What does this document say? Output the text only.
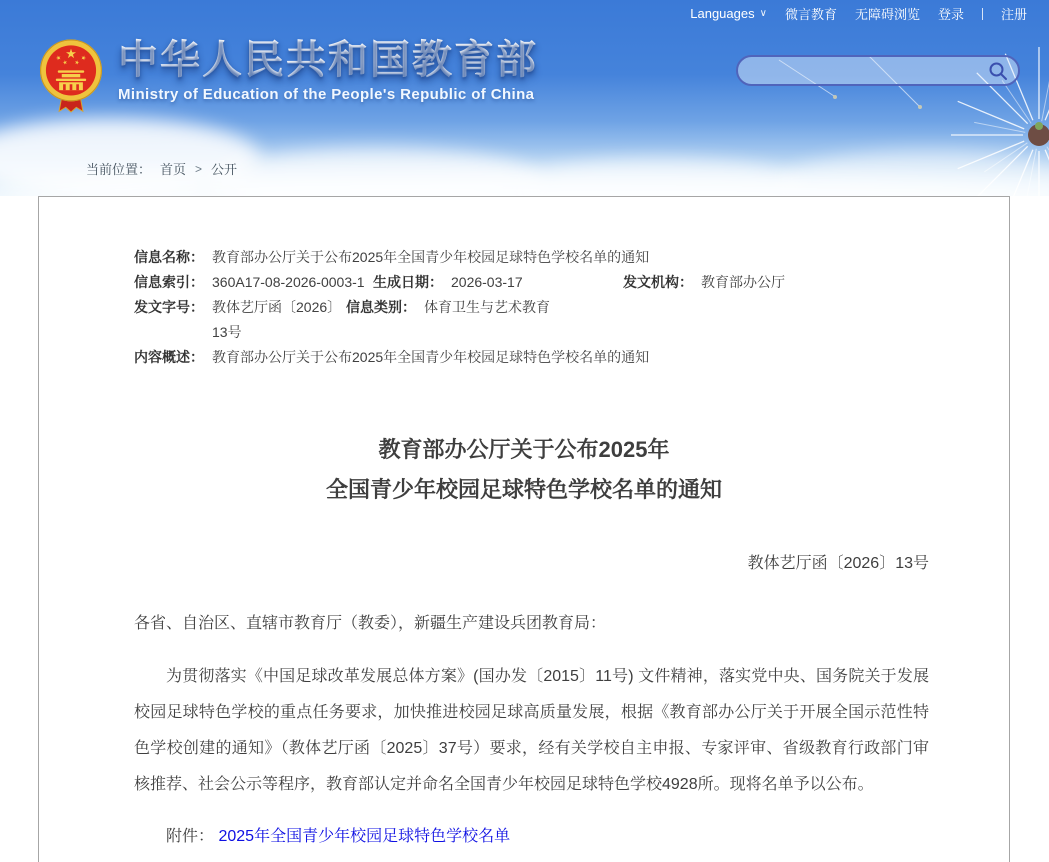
Languages ∨ 微言教育 无障碍浏览 登录	注册
中华人民共和国教育部
Ministry of Education of the People's Republic of China
当前位置： 首页 > 公开
信息名称： 教育部办公厅关于公布2025年全国青少年校园足球特色学校名单的通知
信息索引： 360A17-08-2026-0003-1 生成日期： 2026-03-17	发文机构： 教育部办公厅
发文字号： 教体艺厅函〔2026〕13号
信息类别： 体育卫生与艺术教育
内容概述： 教育部办公厅关于公布2025年全国青少年校园足球特色学校名单的通知
教育部办公厅关于公布2025年
全国青少年校园足球特色学校名单的通知
教体艺厅函〔2026〕13号
各省、自治区、直辖市教育厅（教委），新疆生产建设兵团教育局：

为贯彻落实《中国足球改革发展总体方案》(国办发〔2015〕11号) 文件精神，落实党中央、国务院关于发展校园足球特色学校的重点任务要求，加快推进校园足球高质量发展，根据《教育部办公厅关于开展全国示范性特色学校创建的通知》（教体艺厅函〔2025〕37号）要求，经有关学校自主申报、专家评审、省级教育行政部门审核推荐、社会公示等程序，教育部认定并命名全国青少年校园足球特色学校4928所。现将名单予以公布。

附件： 2025年全国青少年校园足球特色学校名单
